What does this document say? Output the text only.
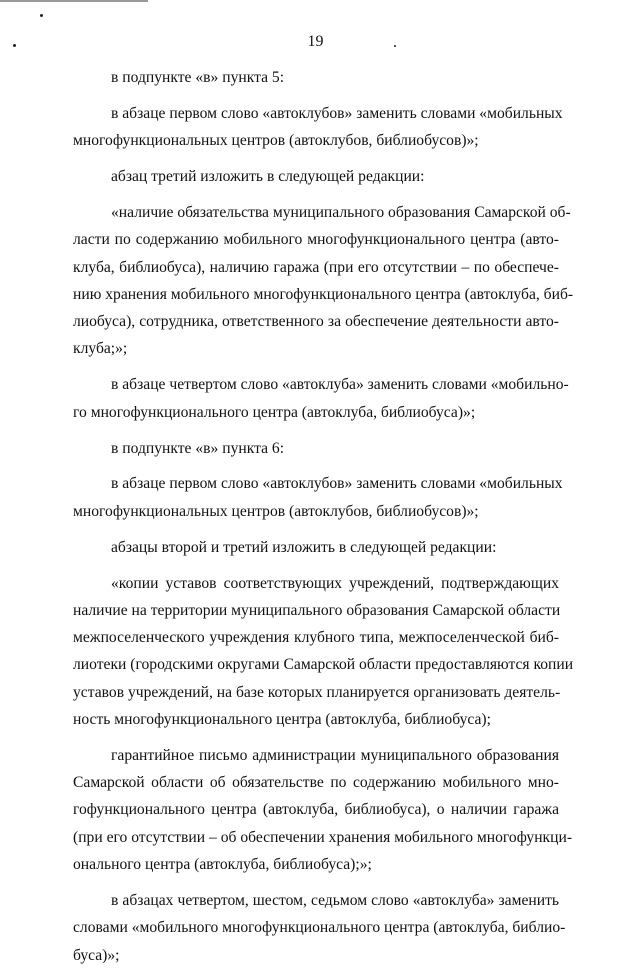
19

в подпункте «в» пункта 5:

в абзаце первом слово «автоклубов» заменить словами «мобильных
многофункциональных центров (автоклубов, библиобусов)»;

абзац третий изложить в следующей редакции:

«наличие обязательства муниципального образования Самарской об-
ласти по содержанию мобильного многофункционального центра (авто-
клуба, библиобуса), наличию гаража (при его отсутствии – по обеспече-
нию хранения мобильного многофункционального центра (автоклуба, биб-
лиобуса), сотрудника, ответственного за обеспечение деятельности авто-
клуба;»;

в абзаце четвертом слово «автоклуба» заменить словами «мобильно-
го многофункционального центра (автоклуба, библиобуса)»;

в подпункте «в» пункта 6:

в абзаце первом слово «автоклубов» заменить словами «мобильных
многофункциональных центров (автоклубов, библиобусов)»;

абзацы второй и третий изложить в следующей редакции:

«копии уставов соответствующих учреждений, подтверждающих
наличие на территории муниципального образования Самарской области
межпоселенческого учреждения клубного типа, межпоселенческой биб-
лиотеки (городскими округами Самарской области предоставляются копии
уставов учреждений, на базе которых планируется организовать деятель-
ность многофункционального центра (автоклуба, библиобуса);

гарантийное письмо администрации муниципального образования
Самарской области об обязательстве по содержанию мобильного мно-
гофункционального центра (автоклуба, библиобуса), о наличии гаража
(при его отсутствии – об обеспечении хранения мобильного многофункци-
онального центра (автоклуба, библиобуса);»;

в абзацах четвертом, шестом, седьмом слово «автоклуба» заменить
словами «мобильного многофункционального центра (автоклуба, библио-
буса)»;
